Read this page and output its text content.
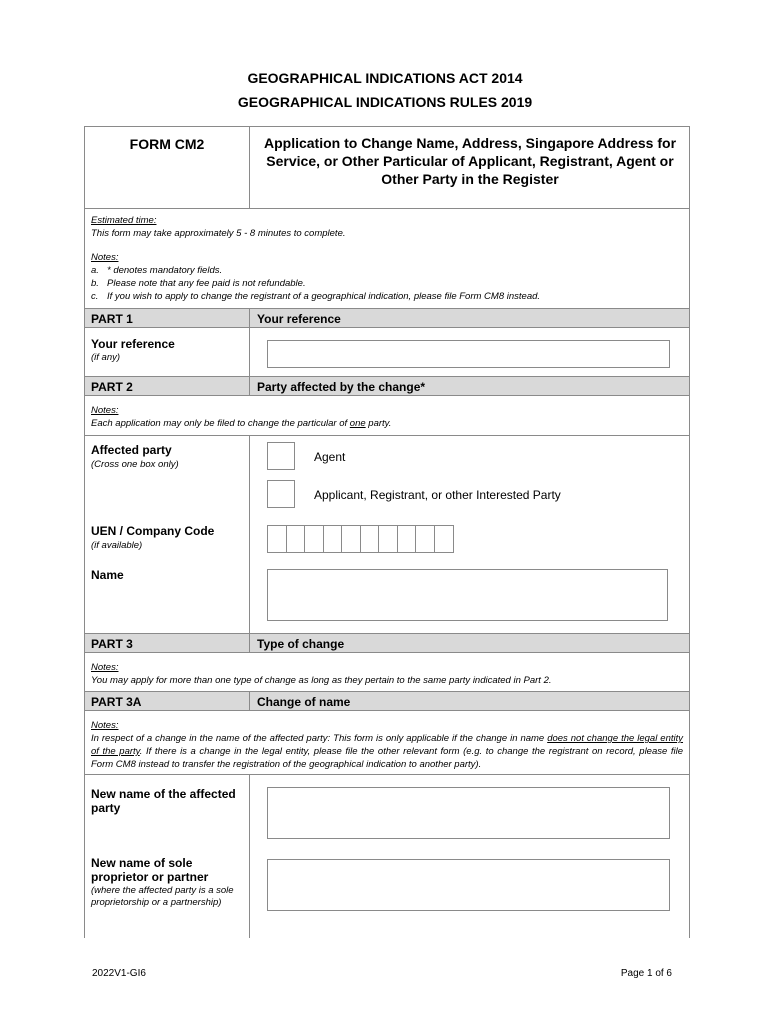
GEOGRAPHICAL INDICATIONS ACT 2014
GEOGRAPHICAL INDICATIONS RULES 2019
FORM CM2	Application to Change Name, Address, Singapore Address for Service, or Other Particular of Applicant, Registrant, Agent or Other Party in the Register
Estimated time:
This form may take approximately 5 - 8 minutes to complete.
Notes:
a. * denotes mandatory fields.
b. Please note that any fee paid is not refundable.
c. If you wish to apply to change the registrant of a geographical indication, please file Form CM8 instead.
PART 1	Your reference
Your reference
(if any)
PART 2	Party affected by the change*
Notes:
Each application may only be filed to change the particular of one party.
Affected party
(Cross one box only)
Agent
Applicant, Registrant, or other Interested Party
UEN / Company Code
(if available)
Name
PART 3	Type of change
Notes:
You may apply for more than one type of change as long as they pertain to the same party indicated in Part 2.
PART 3A	Change of name
Notes:
In respect of a change in the name of the affected party: This form is only applicable if the change in name does not change the legal entity of the party. If there is a change in the legal entity, please file the other relevant form (e.g. to change the registrant on record, please file Form CM8 instead to transfer the registration of the geographical indication to another party).
New name of the affected party
New name of sole proprietor or partner
(where the affected party is a sole proprietorship or a partnership)
2022V1-GI6	Page 1 of 6
